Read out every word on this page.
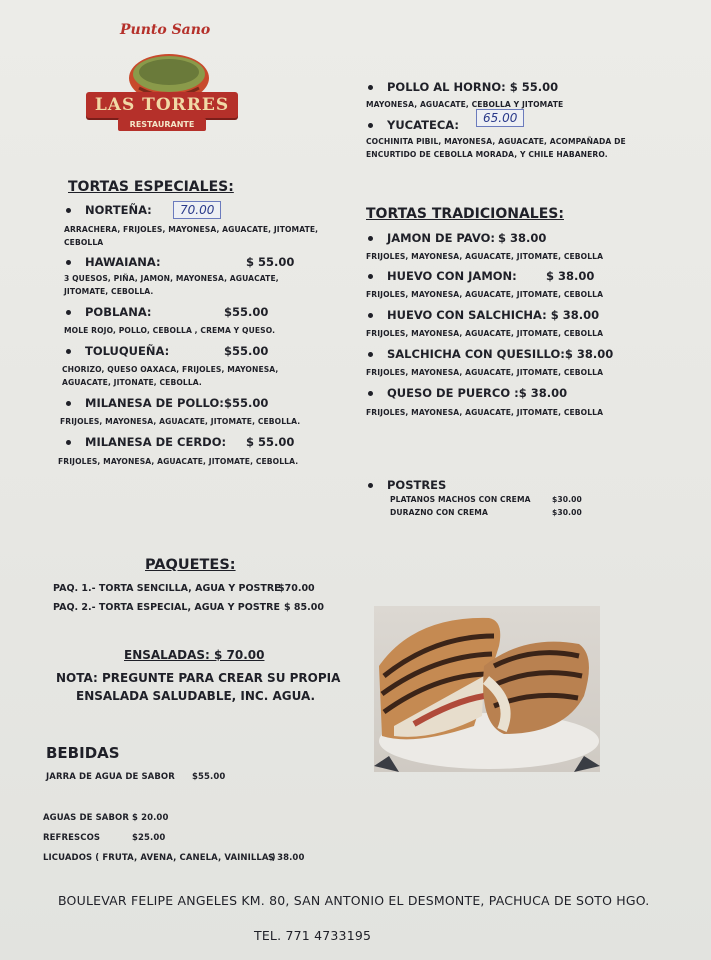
Punto Sano
LAS TORRES
RESTAURANTE
TORTAS ESPECIALES:
NORTEÑA:	70.00
ARRACHERA, FRIJOLES, MAYONESA, AGUACATE, JITOMATE, CEBOLLA
HAWAIANA:	$ 55.00
3 QUESOS, PIÑA, JAMON, MAYONESA, AGUACATE, JITOMATE, CEBOLLA.
POBLANA:	$55.00
MOLE ROJO, POLLO, CEBOLLA , CREMA Y QUESO.
TOLUQUEÑA:	$55.00
CHORIZO, QUESO OAXACA, FRIJOLES, MAYONESA, AGUACATE, JITONATE, CEBOLLA.
MILANESA DE POLLO: $55.00
FRIJOLES, MAYONESA, AGUACATE, JITOMATE, CEBOLLA.
MILANESA DE CERDO: $ 55.00
FRIJOLES, MAYONESA, AGUACATE, JITOMATE, CEBOLLA.
POLLO AL HORNO: $ 55.00
MAYONESA, AGUACATE, CEBOLLA Y JITOMATE
YUCATECA:	65.00
COCHINITA PIBIL, MAYONESA, AGUACATE, ACOMPAÑADA DE ENCURTIDO DE CEBOLLA MORADA, Y CHILE HABANERO.
TORTAS TRADICIONALES:
JAMON DE PAVO: $ 38.00
FRIJOLES, MAYONESA, AGUACATE, JITOMATE, CEBOLLA
HUEVO CON JAMON:	$ 38.00
FRIJOLES, MAYONESA, AGUACATE, JITOMATE, CEBOLLA
HUEVO CON SALCHICHA: $ 38.00
FRIJOLES, MAYONESA, AGUACATE, JITOMATE, CEBOLLA
SALCHICHA CON QUESILLO:$ 38.00
FRIJOLES, MAYONESA, AGUACATE, JITOMATE, CEBOLLA
QUESO DE PUERCO :$ 38.00
FRIJOLES, MAYONESA, AGUACATE, JITOMATE, CEBOLLA
POSTRES
PLATANOS MACHOS CON CREMA	$30.00
DURAZNO CON CREMA	$30.00
PAQUETES:
PAQ. 1.- TORTA SENCILLA, AGUA Y POSTRE
$70.00
PAQ. 2.- TORTA ESPECIAL, AGUA Y POSTRE $ 85.00
ENSALADAS: $ 70.00
NOTA: PREGUNTE PARA CREAR SU PROPIA
ENSALADA SALUDABLE, INC. AGUA.
BEBIDAS
JARRA DE AGUA DE SABOR $55.00
AGUAS DE SABOR $ 20.00
REFRESCOS	$25.00
LICUADOS ( FRUTA, AVENA, CANELA, VAINILLA )
$ 38.00
BOULEVAR FELIPE ANGELES KM. 80, SAN ANTONIO EL DESMONTE, PACHUCA DE SOTO HGO.
TEL. 771 4733195
